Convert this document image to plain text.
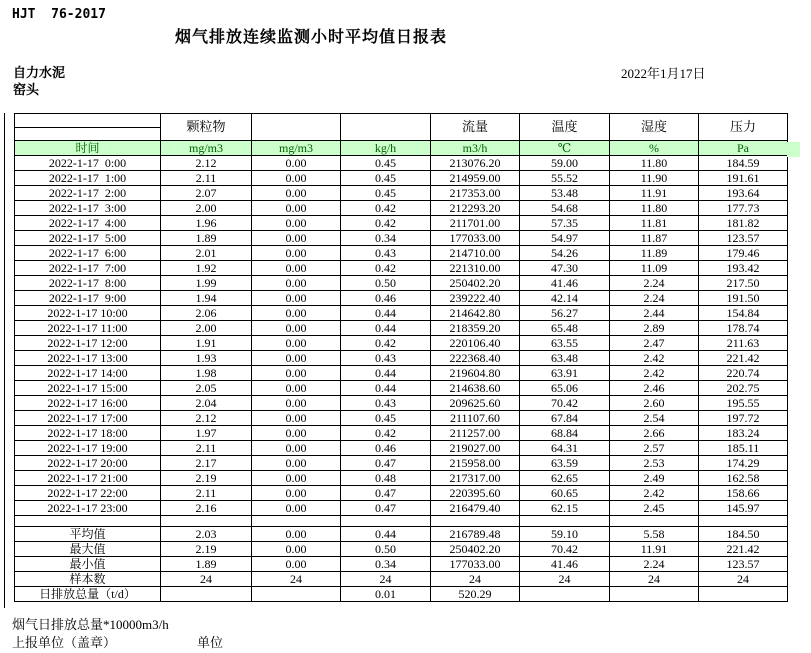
HJT  76-2017
烟气排放连续监测小时平均值日报表
自力水泥
窑头
2022年1月17日
	颗粒物			流量	温度	湿度	压力

时间	mg/m3	mg/m3	kg/h	m3/h	℃	%	Pa
2022-1-17  0:00	2.12	0.00	0.45	213076.20	59.00	11.80	184.59
2022-1-17  1:00	2.11	0.00	0.45	214959.00	55.52	11.90	191.61
2022-1-17  2:00	2.07	0.00	0.45	217353.00	53.48	11.91	193.64
2022-1-17  3:00	2.00	0.00	0.42	212293.20	54.68	11.80	177.73
2022-1-17  4:00	1.96	0.00	0.42	211701.00	57.35	11.81	181.82
2022-1-17  5:00	1.89	0.00	0.34	177033.00	54.97	11.87	123.57
2022-1-17  6:00	2.01	0.00	0.43	214710.00	54.26	11.89	179.46
2022-1-17  7:00	1.92	0.00	0.42	221310.00	47.30	11.09	193.42
2022-1-17  8:00	1.99	0.00	0.50	250402.20	41.46	2.24	217.50
2022-1-17  9:00	1.94	0.00	0.46	239222.40	42.14	2.24	191.50
2022-1-17 10:00	2.06	0.00	0.44	214642.80	56.27	2.44	154.84
2022-1-17 11:00	2.00	0.00	0.44	218359.20	65.48	2.89	178.74
2022-1-17 12:00	1.91	0.00	0.42	220106.40	63.55	2.47	211.63
2022-1-17 13:00	1.93	0.00	0.43	222368.40	63.48	2.42	221.42
2022-1-17 14:00	1.98	0.00	0.44	219604.80	63.91	2.42	220.74
2022-1-17 15:00	2.05	0.00	0.44	214638.60	65.06	2.46	202.75
2022-1-17 16:00	2.04	0.00	0.43	209625.60	70.42	2.60	195.55
2022-1-17 17:00	2.12	0.00	0.45	211107.60	67.84	2.54	197.72
2022-1-17 18:00	1.97	0.00	0.42	211257.00	68.84	2.66	183.24
2022-1-17 19:00	2.11	0.00	0.46	219027.00	64.31	2.57	185.11
2022-1-17 20:00	2.17	0.00	0.47	215958.00	63.59	2.53	174.29
2022-1-17 21:00	2.19	0.00	0.48	217317.00	62.65	2.49	162.58
2022-1-17 22:00	2.11	0.00	0.47	220395.60	60.65	2.42	158.66
2022-1-17 23:00	2.16	0.00	0.47	216479.40	62.15	2.45	145.97

平均值	2.03	0.00	0.44	216789.48	59.10	5.58	184.50
最大值	2.19	0.00	0.50	250402.20	70.42	11.91	221.42
最小值	1.89	0.00	0.34	177033.00	41.46	2.24	123.57
样本数	24	24	24	24	24	24	24
日排放总量（t/d）			0.01	520.29			
烟气日排放总量*10000m3/h
上报单位（盖章）	单位
